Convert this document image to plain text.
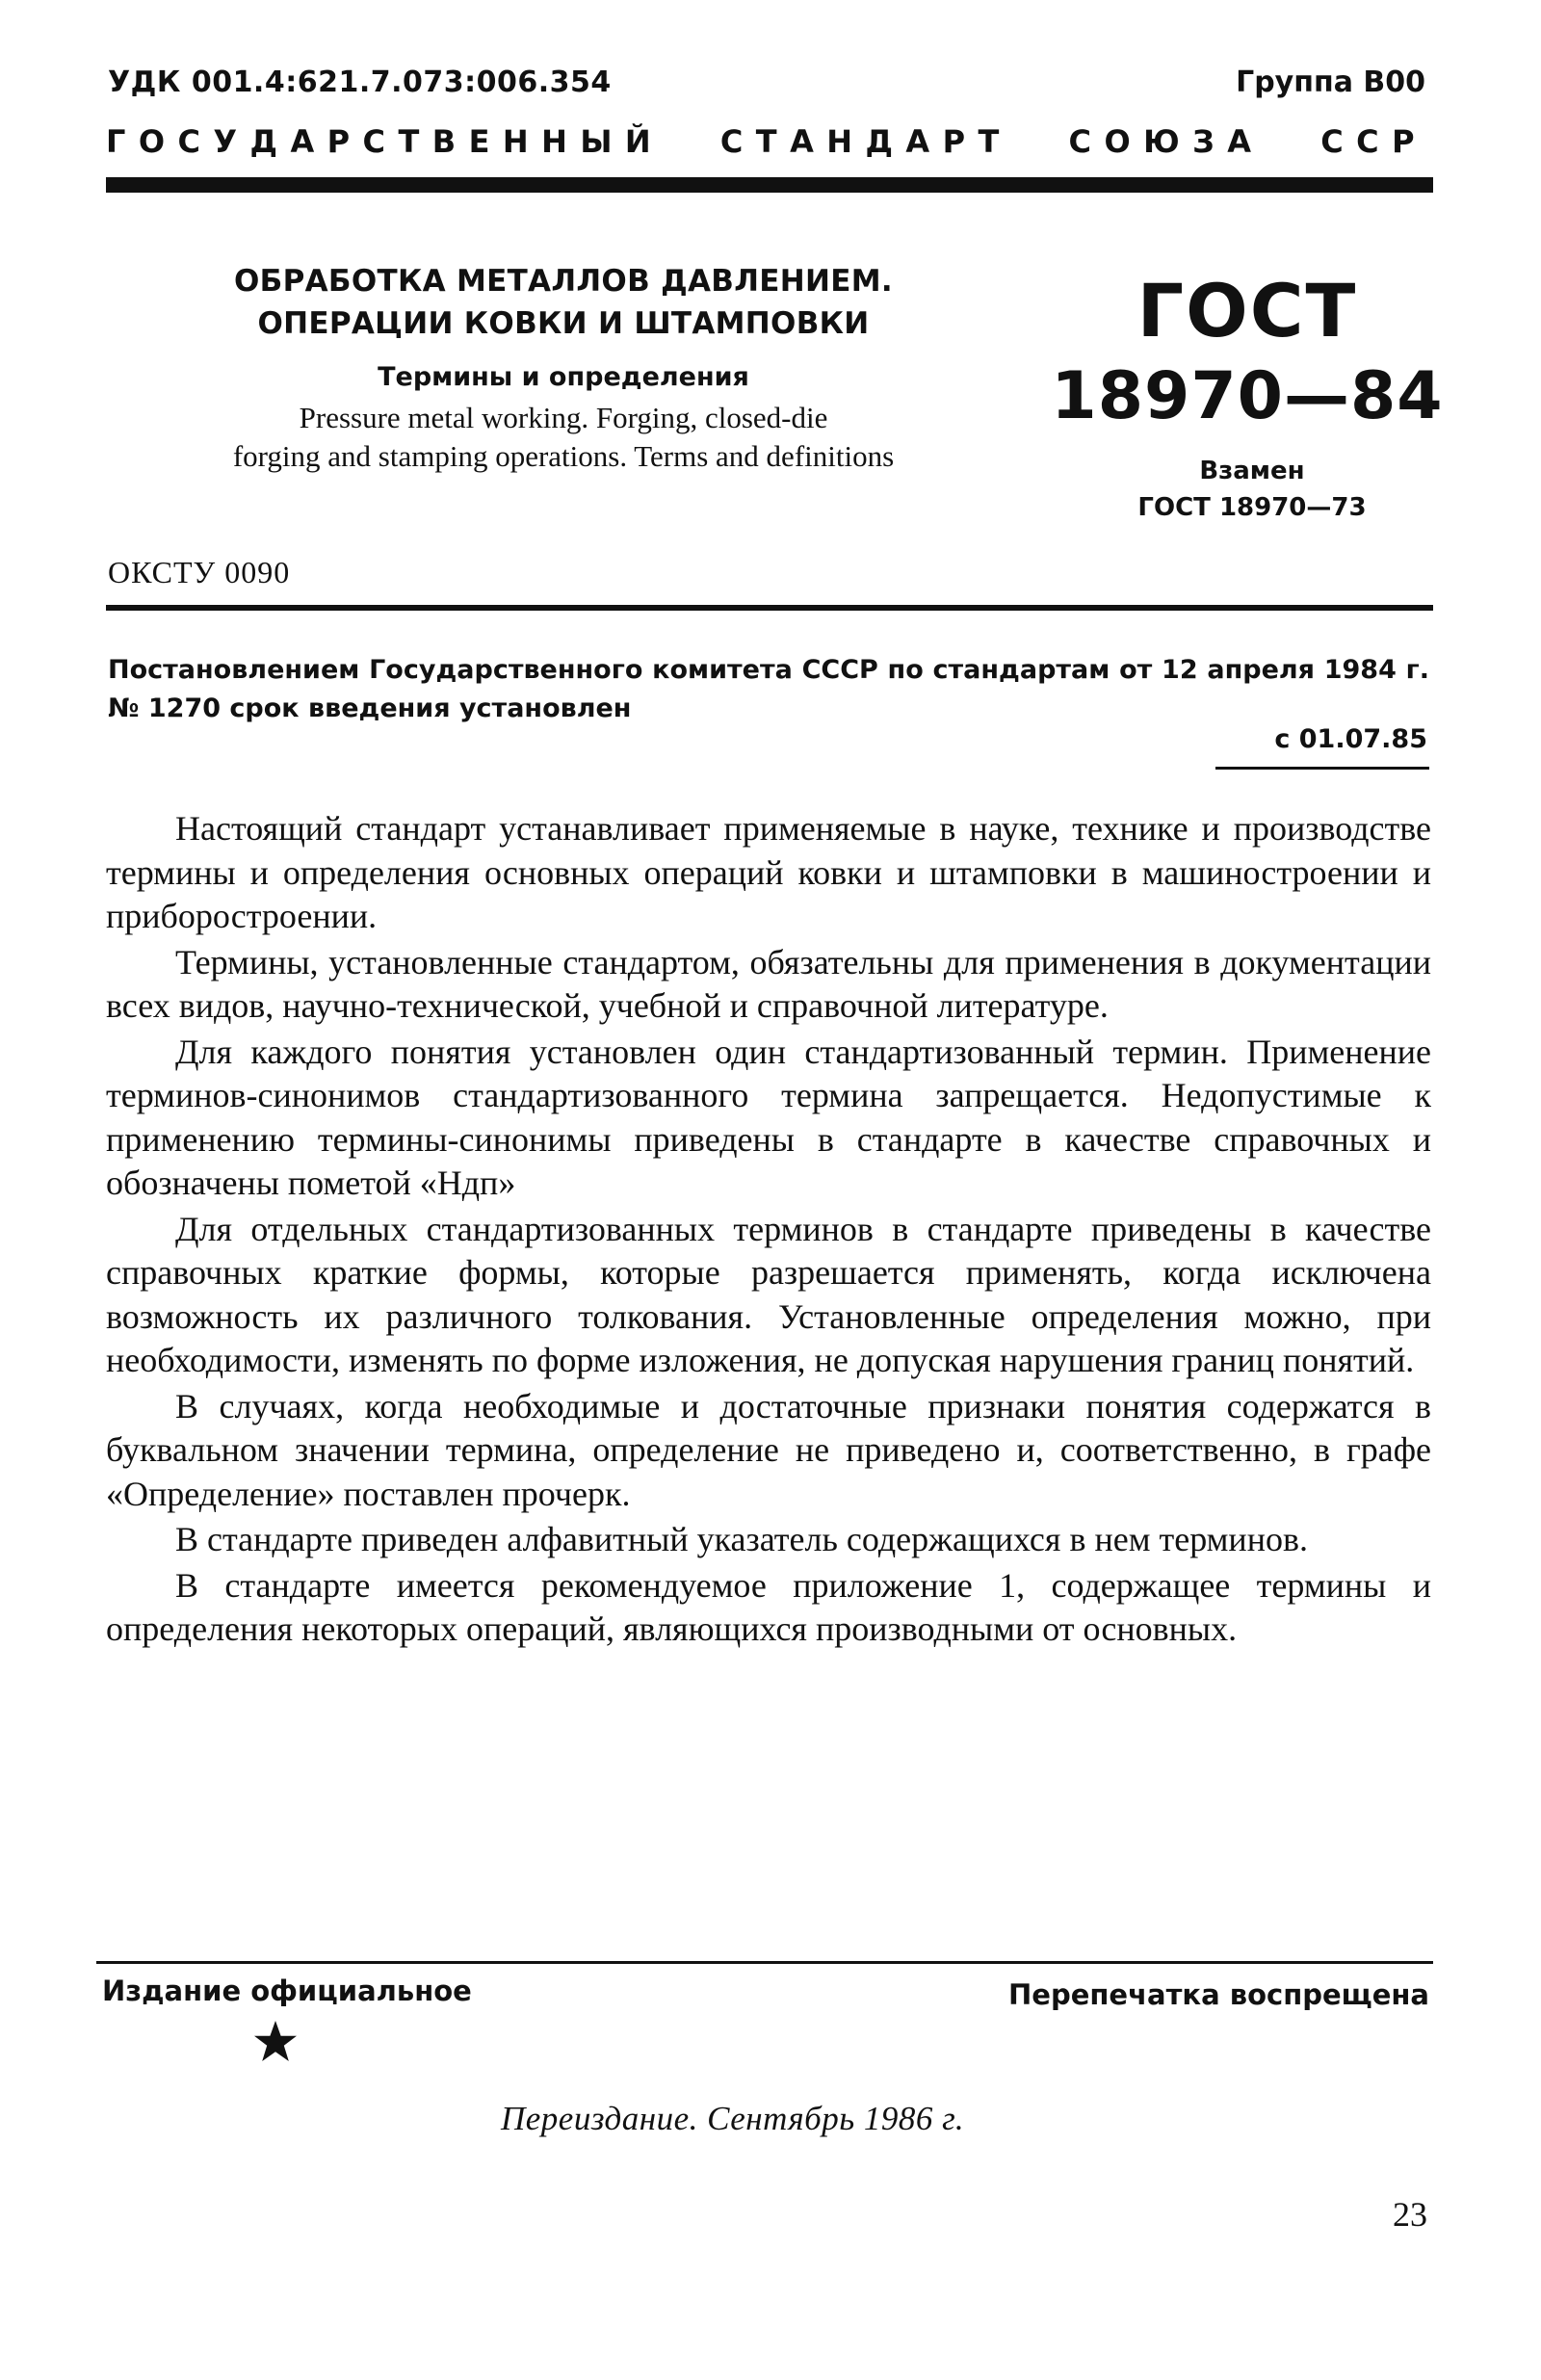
УДК 001.4:621.7.073:006.354	Группа В00
ГОСУДАРСТВЕННЫЙ СТАНДАРТ СОЮЗА ССР
ОБРАБОТКА МЕТАЛЛОВ ДАВЛЕНИЕМ.
ОПЕРАЦИИ КОВКИ И ШТАМПОВКИ
Термины и определения
Pressure metal working. Forging, closed-die
forging and stamping operations. Terms and definitions
ГОСТ
18970—84
Взамен
ГОСТ 18970—73
ОКСТУ 0090
Постановлением Государственного комитета СССР по стандартам от 12 апреля 1984 г. № 1270 срок введения установлен
с 01.07.85

Настоящий стандарт устанавливает применяемые в науке, технике и производстве термины и определения основных операций ковки и штамповки в машиностроении и приборостроении.

Термины, установленные стандартом, обязательны для применения в документации всех видов, научно-технической, учебной и справочной литературе.

Для каждого понятия установлен один стандартизованный термин. Применение терминов-синонимов стандартизованного термина запрещается. Недопустимые к применению термины-синонимы приведены в стандарте в качестве справочных и обозначены пометой «Ндп»

Для отдельных стандартизованных терминов в стандарте приведены в качестве справочных краткие формы, которые разрешается применять, когда исключена возможность их различного толкования. Установленные определения можно, при необходимости, изменять по форме изложения, не допуская нарушения границ понятий.

В случаях, когда необходимые и достаточные признаки понятия содержатся в буквальном значении термина, определение не приведено и, соответственно, в графе «Определение» поставлен прочерк.

В стандарте приведен алфавитный указатель содержащихся в нем терминов.

В стандарте имеется рекомендуемое приложение 1, содержащее термины и определения некоторых операций, являющихся производными от основных.

Издание официальное	Перепечатка воспрещена
Переиздание. Сентябрь 1986 г.
23
